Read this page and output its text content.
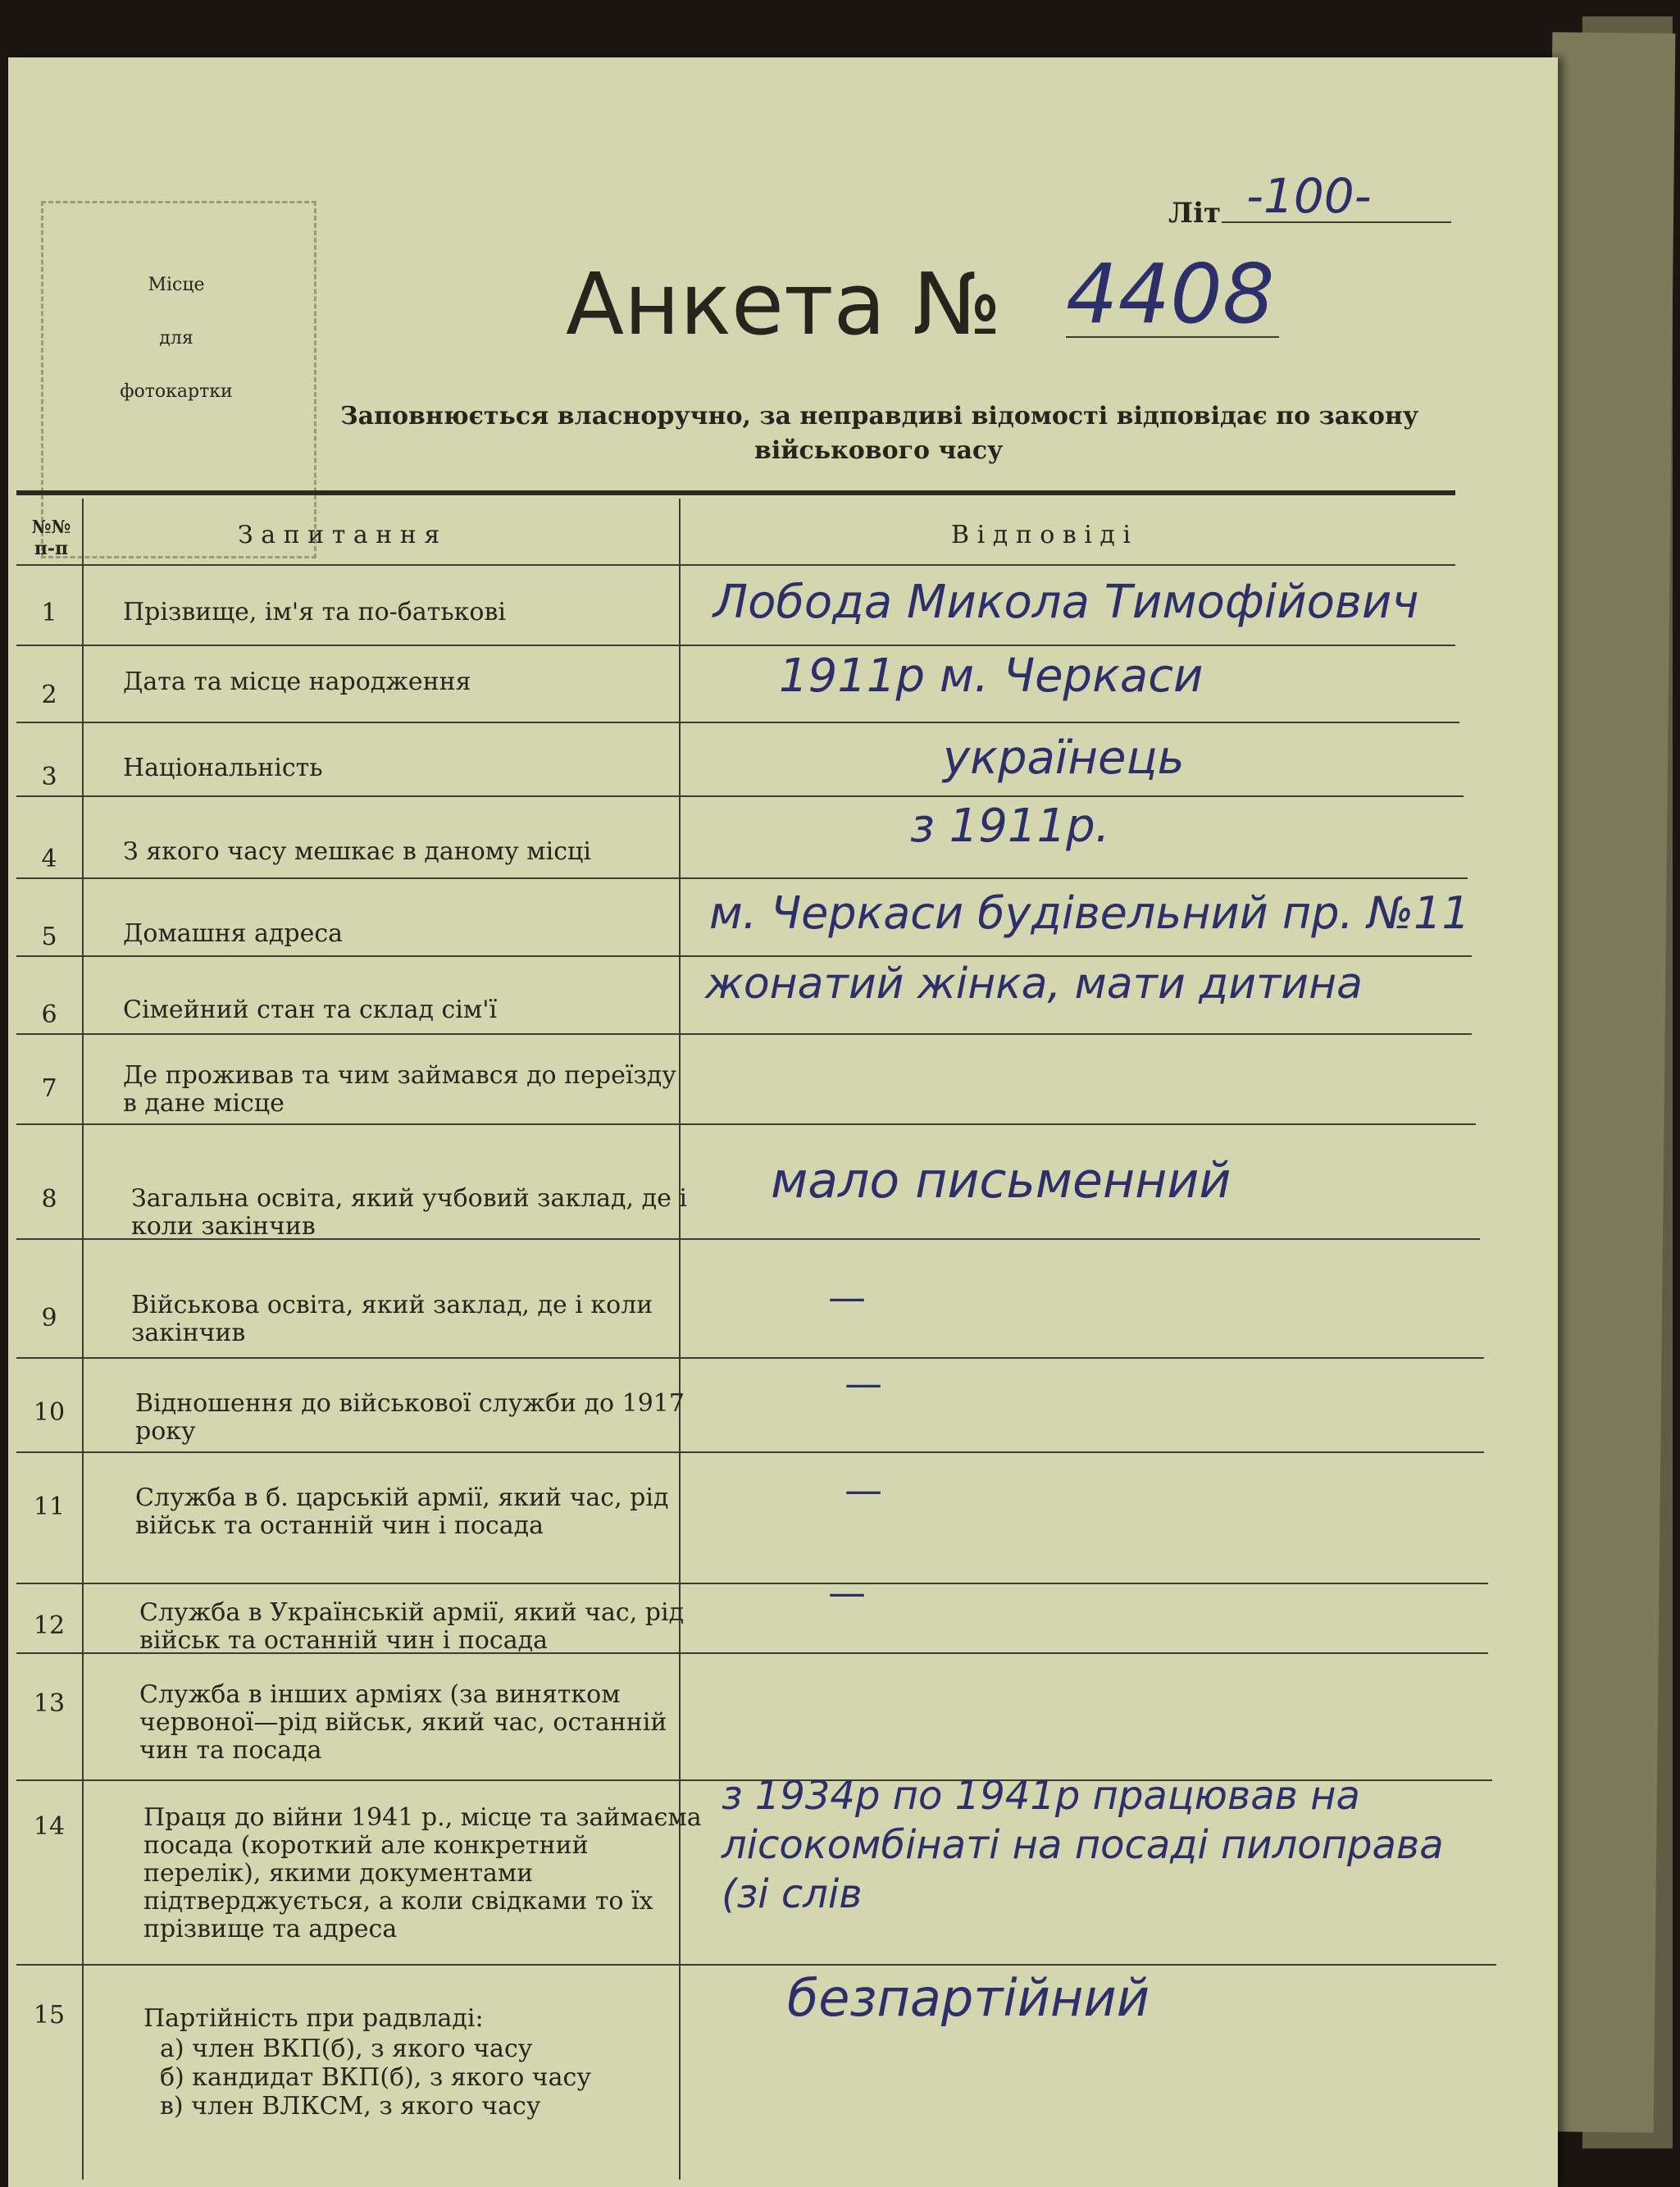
Літ -100-
Місце
для
фотокартки
Анкета № 4408
Заповнюється власноручно, за неправдиві відомості відповідає по закону
військового часу
№№
п-п	З а п и т а н н я	В і д п о в і д і
1	Прізвище, ім'я та по-батькові	Лобода Микола Тимофійович
2	Дата та місце народження	1911р м. Черкаси
3	Національність	українець
4	З якого часу мешкає в даному місці	з 1911р.
5	Домашня адреса	м. Черкаси будівельний пр. №11
6	Сімейний стан та склад сім'ї
жонатий жінка, мати дитина
7	Де проживав та чим займався до переїзду в дане місце
8	Загальна освіта, який учбовий заклад, де і коли закінчив
мало письменний
9	Військова освіта, який заклад, де і коли закінчив
—
10	Відношення до військової служби до 1917 року
—
11	Служба в б. царській армії, який час, рід військ та останній чин і посада
—
12	Служба в Українській армії, який час, рід військ та останній чин і посада
—
13	Служба в інших арміях (за винятком червоної—рід військ, який час, останній чин та посада
14	Праця до війни 1941 р., місце та займаєма посада (короткий але конкретний перелік), якими документами підтверджується, а коли свідками то їх прізвище та адреса
з 1934р по 1941р працював на лісокомбінаті на посаді пилоправа (зі слів
15	Партійність при радвладі:
а) член ВКП(б), з якого часу
б) кандидат ВКП(б), з якого часу
в) член ВЛКСМ, з якого часу
безпартійний
